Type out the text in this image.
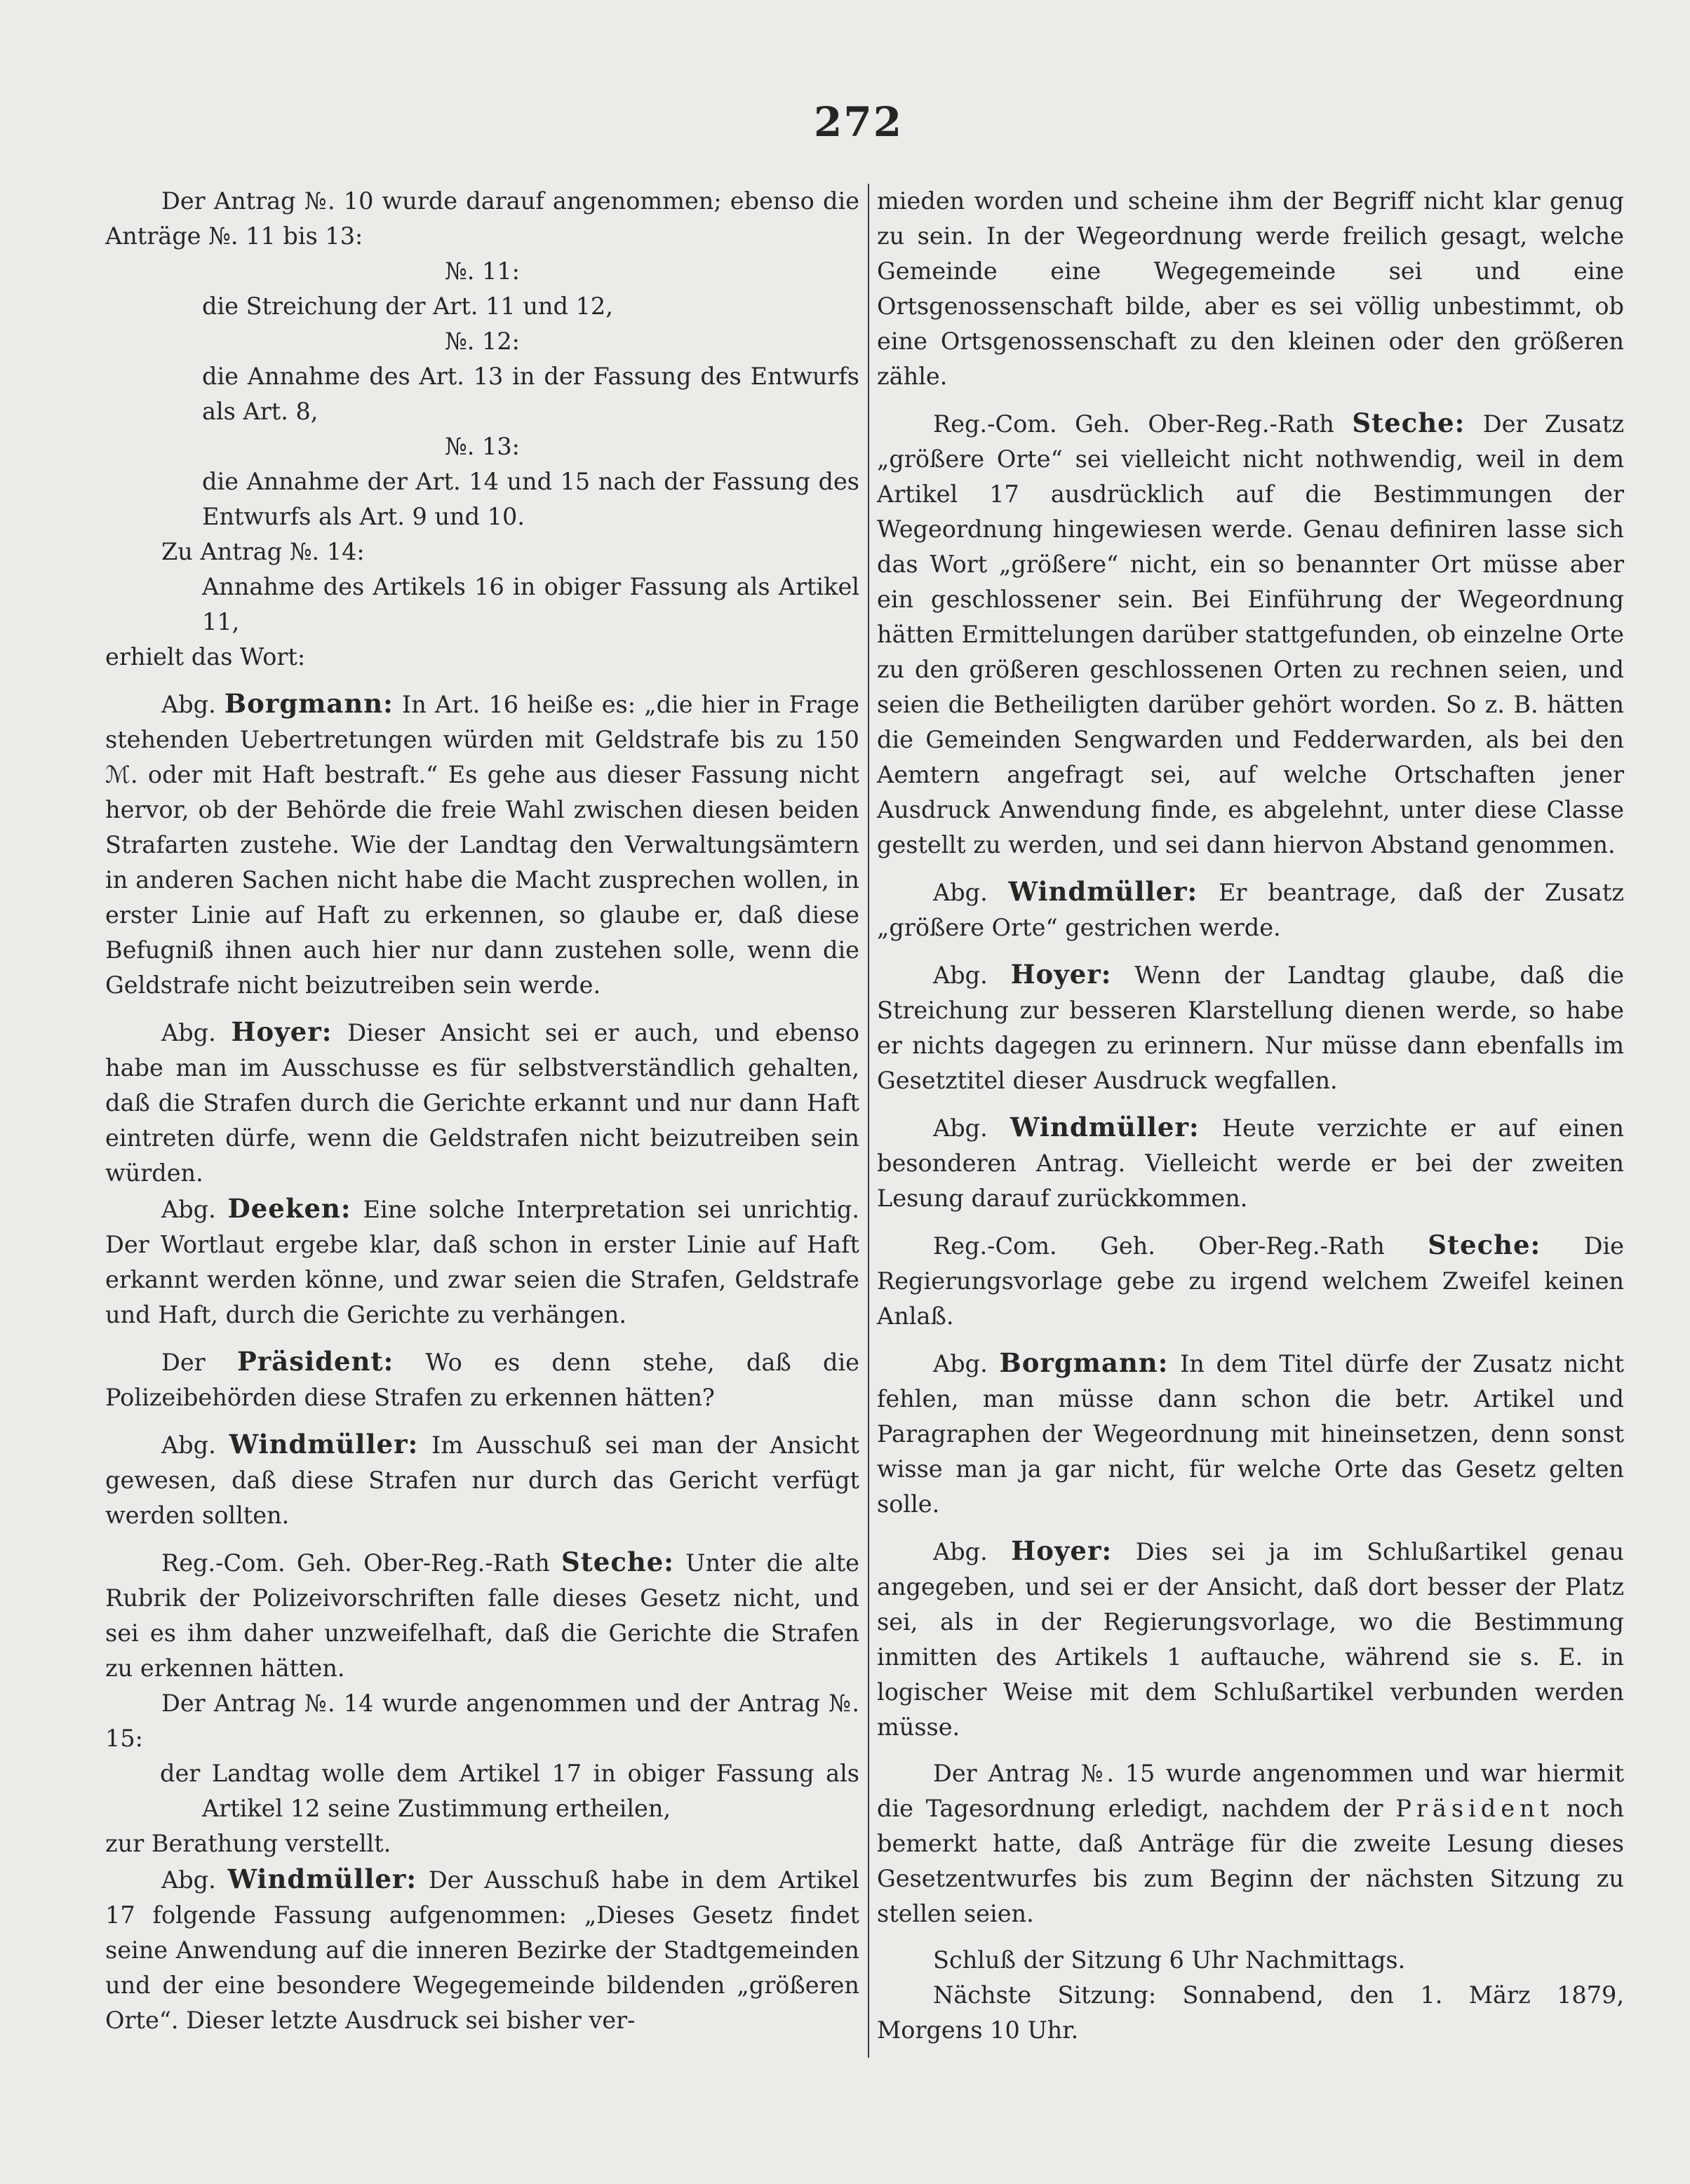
272

Der Antrag №. 10 wurde darauf angenommen; ebenso die Anträge №. 11 bis 13:

№. 11:

die Streichung der Art. 11 und 12,

№. 12:

die Annahme des Art. 13 in der Fassung des Entwurfs als Art. 8,

№. 13:

die Annahme der Art. 14 und 15 nach der Fassung des Entwurfs als Art. 9 und 10.

Zu Antrag №. 14:

Annahme des Artikels 16 in obiger Fassung als Artikel 11,

erhielt das Wort:

Abg. Borgmann: In Art. 16 heiße es: „die hier in Frage stehenden Uebertretungen würden mit Geldstrafe bis zu 150 ℳ. oder mit Haft bestraft.“ Es gehe aus dieser Fassung nicht hervor, ob der Behörde die freie Wahl zwischen diesen beiden Strafarten zustehe. Wie der Landtag den Verwaltungsämtern in anderen Sachen nicht habe die Macht zusprechen wollen, in erster Linie auf Haft zu erkennen, so glaube er, daß diese Befugniß ihnen auch hier nur dann zustehen solle, wenn die Geldstrafe nicht beizutreiben sein werde.

Abg. Hoyer: Dieser Ansicht sei er auch, und ebenso habe man im Ausschusse es für selbstverständlich gehalten, daß die Strafen durch die Gerichte erkannt und nur dann Haft eintreten dürfe, wenn die Geldstrafen nicht beizutreiben sein würden.

Abg. Deeken: Eine solche Interpretation sei unrichtig. Der Wortlaut ergebe klar, daß schon in erster Linie auf Haft erkannt werden könne, und zwar seien die Strafen, Geldstrafe und Haft, durch die Gerichte zu verhängen.

Der Präsident: Wo es denn stehe, daß die Polizeibehörden diese Strafen zu erkennen hätten?

Abg. Windmüller: Im Ausschuß sei man der Ansicht gewesen, daß diese Strafen nur durch das Gericht verfügt werden sollten.

Reg.-Com. Geh. Ober-Reg.-Rath Steche: Unter die alte Rubrik der Polizeivorschriften falle dieses Gesetz nicht, und sei es ihm daher unzweifelhaft, daß die Gerichte die Strafen zu erkennen hätten.

Der Antrag №. 14 wurde angenommen und der Antrag №. 15:

der Landtag wolle dem Artikel 17 in obiger Fassung als Artikel 12 seine Zustimmung ertheilen,

zur Berathung verstellt.

Abg. Windmüller: Der Ausschuß habe in dem Artikel 17 folgende Fassung aufgenommen: „Dieses Gesetz findet seine Anwendung auf die inneren Bezirke der Stadtgemeinden und der eine besondere Wegegemeinde bildenden „größeren Orte“. Dieser letzte Ausdruck sei bisher ver-

mieden worden und scheine ihm der Begriff nicht klar genug zu sein. In der Wegeordnung werde freilich gesagt, welche Gemeinde eine Wegegemeinde sei und eine Ortsgenossenschaft bilde, aber es sei völlig unbestimmt, ob eine Ortsgenossenschaft zu den kleinen oder den größeren zähle.

Reg.-Com. Geh. Ober-Reg.-Rath Steche: Der Zusatz „größere Orte“ sei vielleicht nicht nothwendig, weil in dem Artikel 17 ausdrücklich auf die Bestimmungen der Wegeordnung hingewiesen werde. Genau definiren lasse sich das Wort „größere“ nicht, ein so benannter Ort müsse aber ein geschlossener sein. Bei Einführung der Wegeordnung hätten Ermittelungen darüber stattgefunden, ob einzelne Orte zu den größeren geschlossenen Orten zu rechnen seien, und seien die Betheiligten darüber gehört worden. So z. B. hätten die Gemeinden Sengwarden und Fedderwarden, als bei den Aemtern angefragt sei, auf welche Ortschaften jener Ausdruck Anwendung finde, es abgelehnt, unter diese Classe gestellt zu werden, und sei dann hiervon Abstand genommen.

Abg. Windmüller: Er beantrage, daß der Zusatz „größere Orte“ gestrichen werde.

Abg. Hoyer: Wenn der Landtag glaube, daß die Streichung zur besseren Klarstellung dienen werde, so habe er nichts dagegen zu erinnern. Nur müsse dann ebenfalls im Gesetztitel dieser Ausdruck wegfallen.

Abg. Windmüller: Heute verzichte er auf einen besonderen Antrag. Vielleicht werde er bei der zweiten Lesung darauf zurückkommen.

Reg.-Com. Geh. Ober-Reg.-Rath Steche: Die Regierungsvorlage gebe zu irgend welchem Zweifel keinen Anlaß.

Abg. Borgmann: In dem Titel dürfe der Zusatz nicht fehlen, man müsse dann schon die betr. Artikel und Paragraphen der Wegeordnung mit hineinsetzen, denn sonst wisse man ja gar nicht, für welche Orte das Gesetz gelten solle.

Abg. Hoyer: Dies sei ja im Schlußartikel genau angegeben, und sei er der Ansicht, daß dort besser der Platz sei, als in der Regierungsvorlage, wo die Bestimmung inmitten des Artikels 1 auftauche, während sie s. E. in logischer Weise mit dem Schlußartikel verbunden werden müsse.

Der Antrag №. 15 wurde angenommen und war hiermit die Tagesordnung erledigt, nachdem der Präsident noch bemerkt hatte, daß Anträge für die zweite Lesung dieses Gesetzentwurfes bis zum Beginn der nächsten Sitzung zu stellen seien.

Schluß der Sitzung 6 Uhr Nachmittags.

Nächste Sitzung: Sonnabend, den 1. März 1879, Morgens 10 Uhr.
